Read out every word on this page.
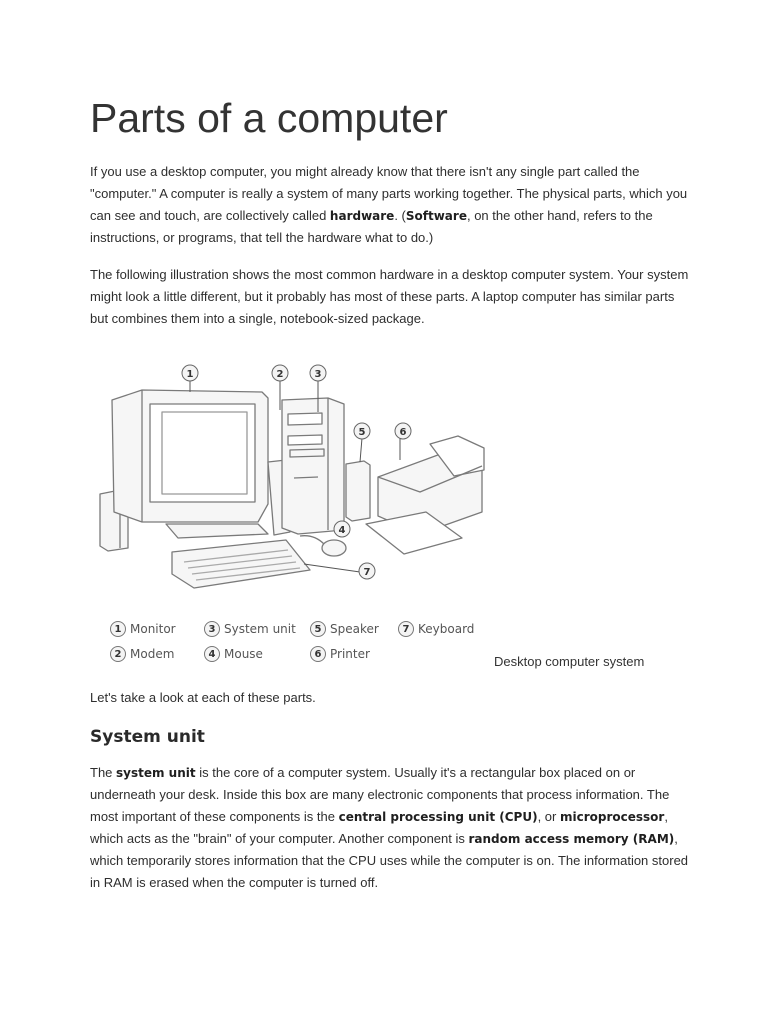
Parts of a computer

If you use a desktop computer, you might already know that there isn't any single part called the "computer." A computer is really a system of many parts working together. The physical parts, which you can see and touch, are collectively called hardware. (Software, on the other hand, refers to the instructions, or programs, that tell the hardware what to do.)

The following illustration shows the most common hardware in a desktop computer system. Your system might look a little different, but it probably has most of these parts. A laptop computer has similar parts but combines them into a single, notebook-sized package.

Let's take a look at each of these parts.

System unit

The system unit is the core of a computer system. Usually it's a rectangular box placed on or underneath your desk. Inside this box are many electronic components that process information. The most important of these components is the central processing unit (CPU), or microprocessor, which acts as the "brain" of your computer. Another component is random access memory (RAM), which temporarily stores information that the CPU uses while the computer is on. The information stored in RAM is erased when the computer is turned off.

1	2	3
4
5	6
7
1 Monitor
2 Modem
3 System unit
4 Mouse
5 Speaker
6 Printer
7 Keyboard
Desktop computer system
